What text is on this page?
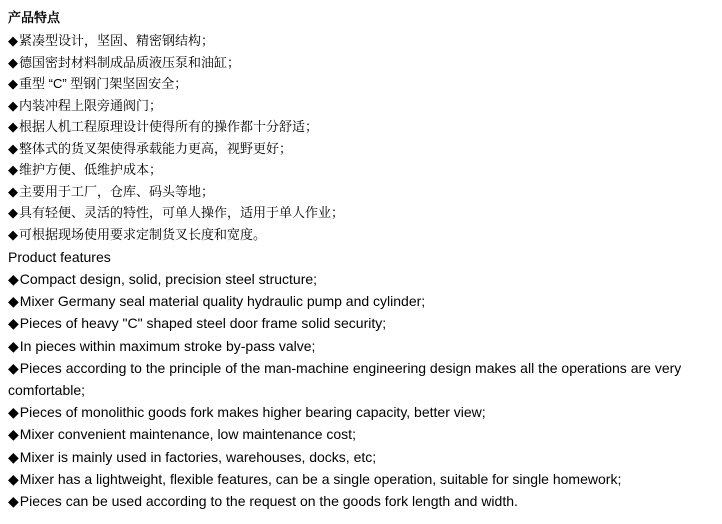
产品特点
◆紧凑型设计，坚固、精密钢结构；
◆德国密封材料制成品质液压泵和油缸；
◆重型 “C” 型钢门架坚固安全；
◆内装冲程上限旁通阀门；
◆根据人机工程原理设计使得所有的操作都十分舒适；
◆整体式的货叉架使得承载能力更高，视野更好；
◆维护方便、低维护成本；
◆主要用于工厂，仓库、码头等地；
◆具有轻便、灵活的特性，可单人操作，适用于单人作业；
◆可根据现场使用要求定制货叉长度和宽度。

Product features

◆Compact design, solid, precision steel structure;
◆Mixer Germany seal material quality hydraulic pump and cylinder;
◆Pieces of heavy "C" shaped steel door frame solid security;
◆In pieces within maximum stroke by-pass valve;
◆Pieces according to the principle of the man-machine engineering design makes all the operations are very comfortable;
◆Pieces of monolithic goods fork makes higher bearing capacity, better view;
◆Mixer convenient maintenance, low maintenance cost;
◆Mixer is mainly used in factories, warehouses, docks, etc;
◆Mixer has a lightweight, flexible features, can be a single operation, suitable for single homework;
◆Pieces can be used according to the request on the goods fork length and width.
